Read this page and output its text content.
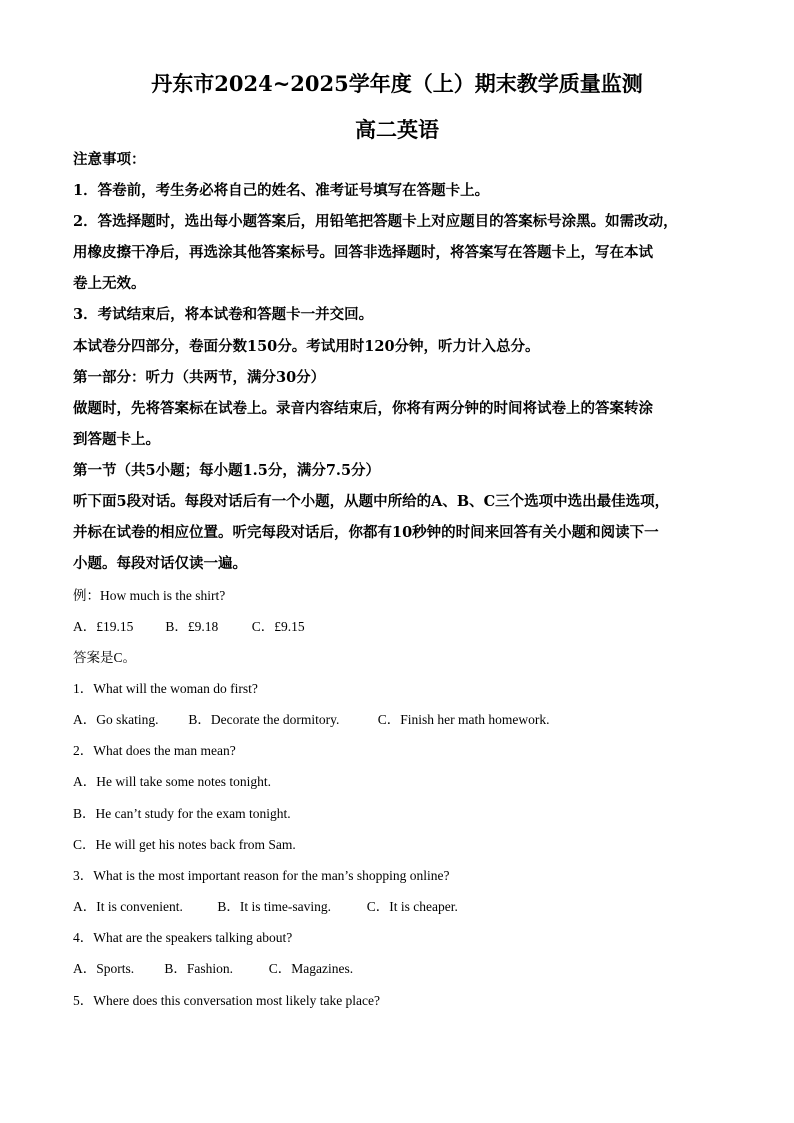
丹东市2024~2025学年度（上）期末教学质量监测
高二英语
注意事项：
1．答卷前，考生务必将自己的姓名、准考证号填写在答题卡上。
2．答选择题时，选出每小题答案后，用铅笔把答题卡上对应题目的答案标号涂黑。如需改动，
用橡皮擦干净后，再选涂其他答案标号。回答非选择题时，将答案写在答题卡上，写在本试
卷上无效。
3．考试结束后，将本试卷和答题卡一并交回。
本试卷分四部分，卷面分数150分。考试用时120分钟，听力计入总分。
第一部分：听力（共两节，满分30分）
做题时，先将答案标在试卷上。录音内容结束后，你将有两分钟的时间将试卷上的答案转涂
到答题卡上。
第一节（共5小题；每小题1.5分，满分7.5分）
听下面5段对话。每段对话后有一个小题，从题中所给的A、B、C三个选项中选出最佳选项，
并标在试卷的相应位置。听完每段对话后，你都有10秒钟的时间来回答有关小题和阅读下一
小题。每段对话仅读一遍。
例：How much is the shirt?
A．£19.15 B．£9.18 C．£9.15
答案是C。
1．What will the woman do first?
A．Go skating. B．Decorate the dormitory.	C．Finish her math homework.
2．What does the man mean?
A．He will take some notes tonight.
B．He can’t study for the exam tonight.
C．He will get his notes back from Sam.
3．What is the most important reason for the man’s shopping online?
A．It is convenient.	B．It is time-saving.	C．It is cheaper.
4．What are the speakers talking about?
A．Sports. B．Fashion.	C．Magazines.
5．Where does this conversation most likely take place?
